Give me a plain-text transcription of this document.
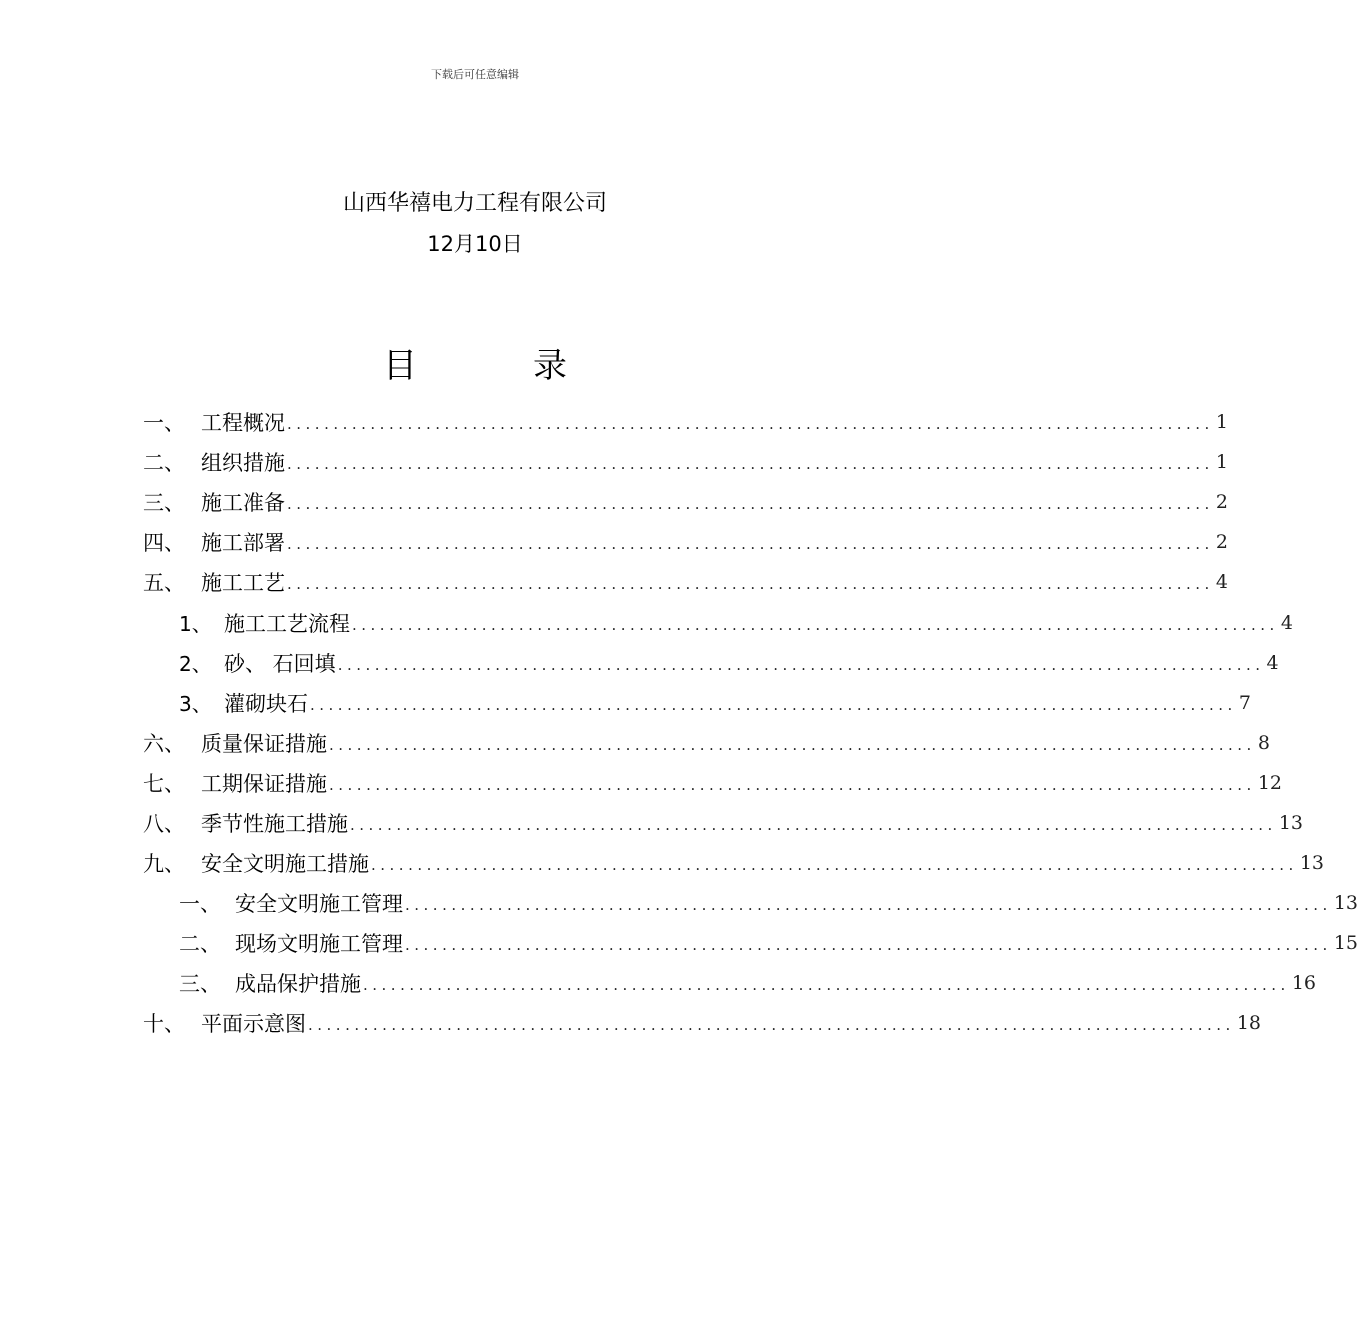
下载后可任意编辑
山西华禧电力工程有限公司
12月10日
目	录
一、 工程概况 .................................................................................................... 1
二、 组织措施 .................................................................................................... 1
三、 施工准备 .................................................................................................... 2
四、 施工部署 .................................................................................................... 2
五、 施工工艺 .................................................................................................... 4
1、 施工工艺流程 .................................................................................................... 4
2、 砂、 石回填 .................................................................................................... 4
3、 灌砌块石 .................................................................................................... 7
六、 质量保证措施 .................................................................................................... 8
七、 工期保证措施 .................................................................................................... 12
八、 季节性施工措施 .................................................................................................... 13
九、 安全文明施工措施 .................................................................................................... 13
一、 安全文明施工管理 .................................................................................................... 13
二、 现场文明施工管理 .................................................................................................... 15
三、 成品保护措施 .................................................................................................... 16
十、 平面示意图 .................................................................................................... 18
